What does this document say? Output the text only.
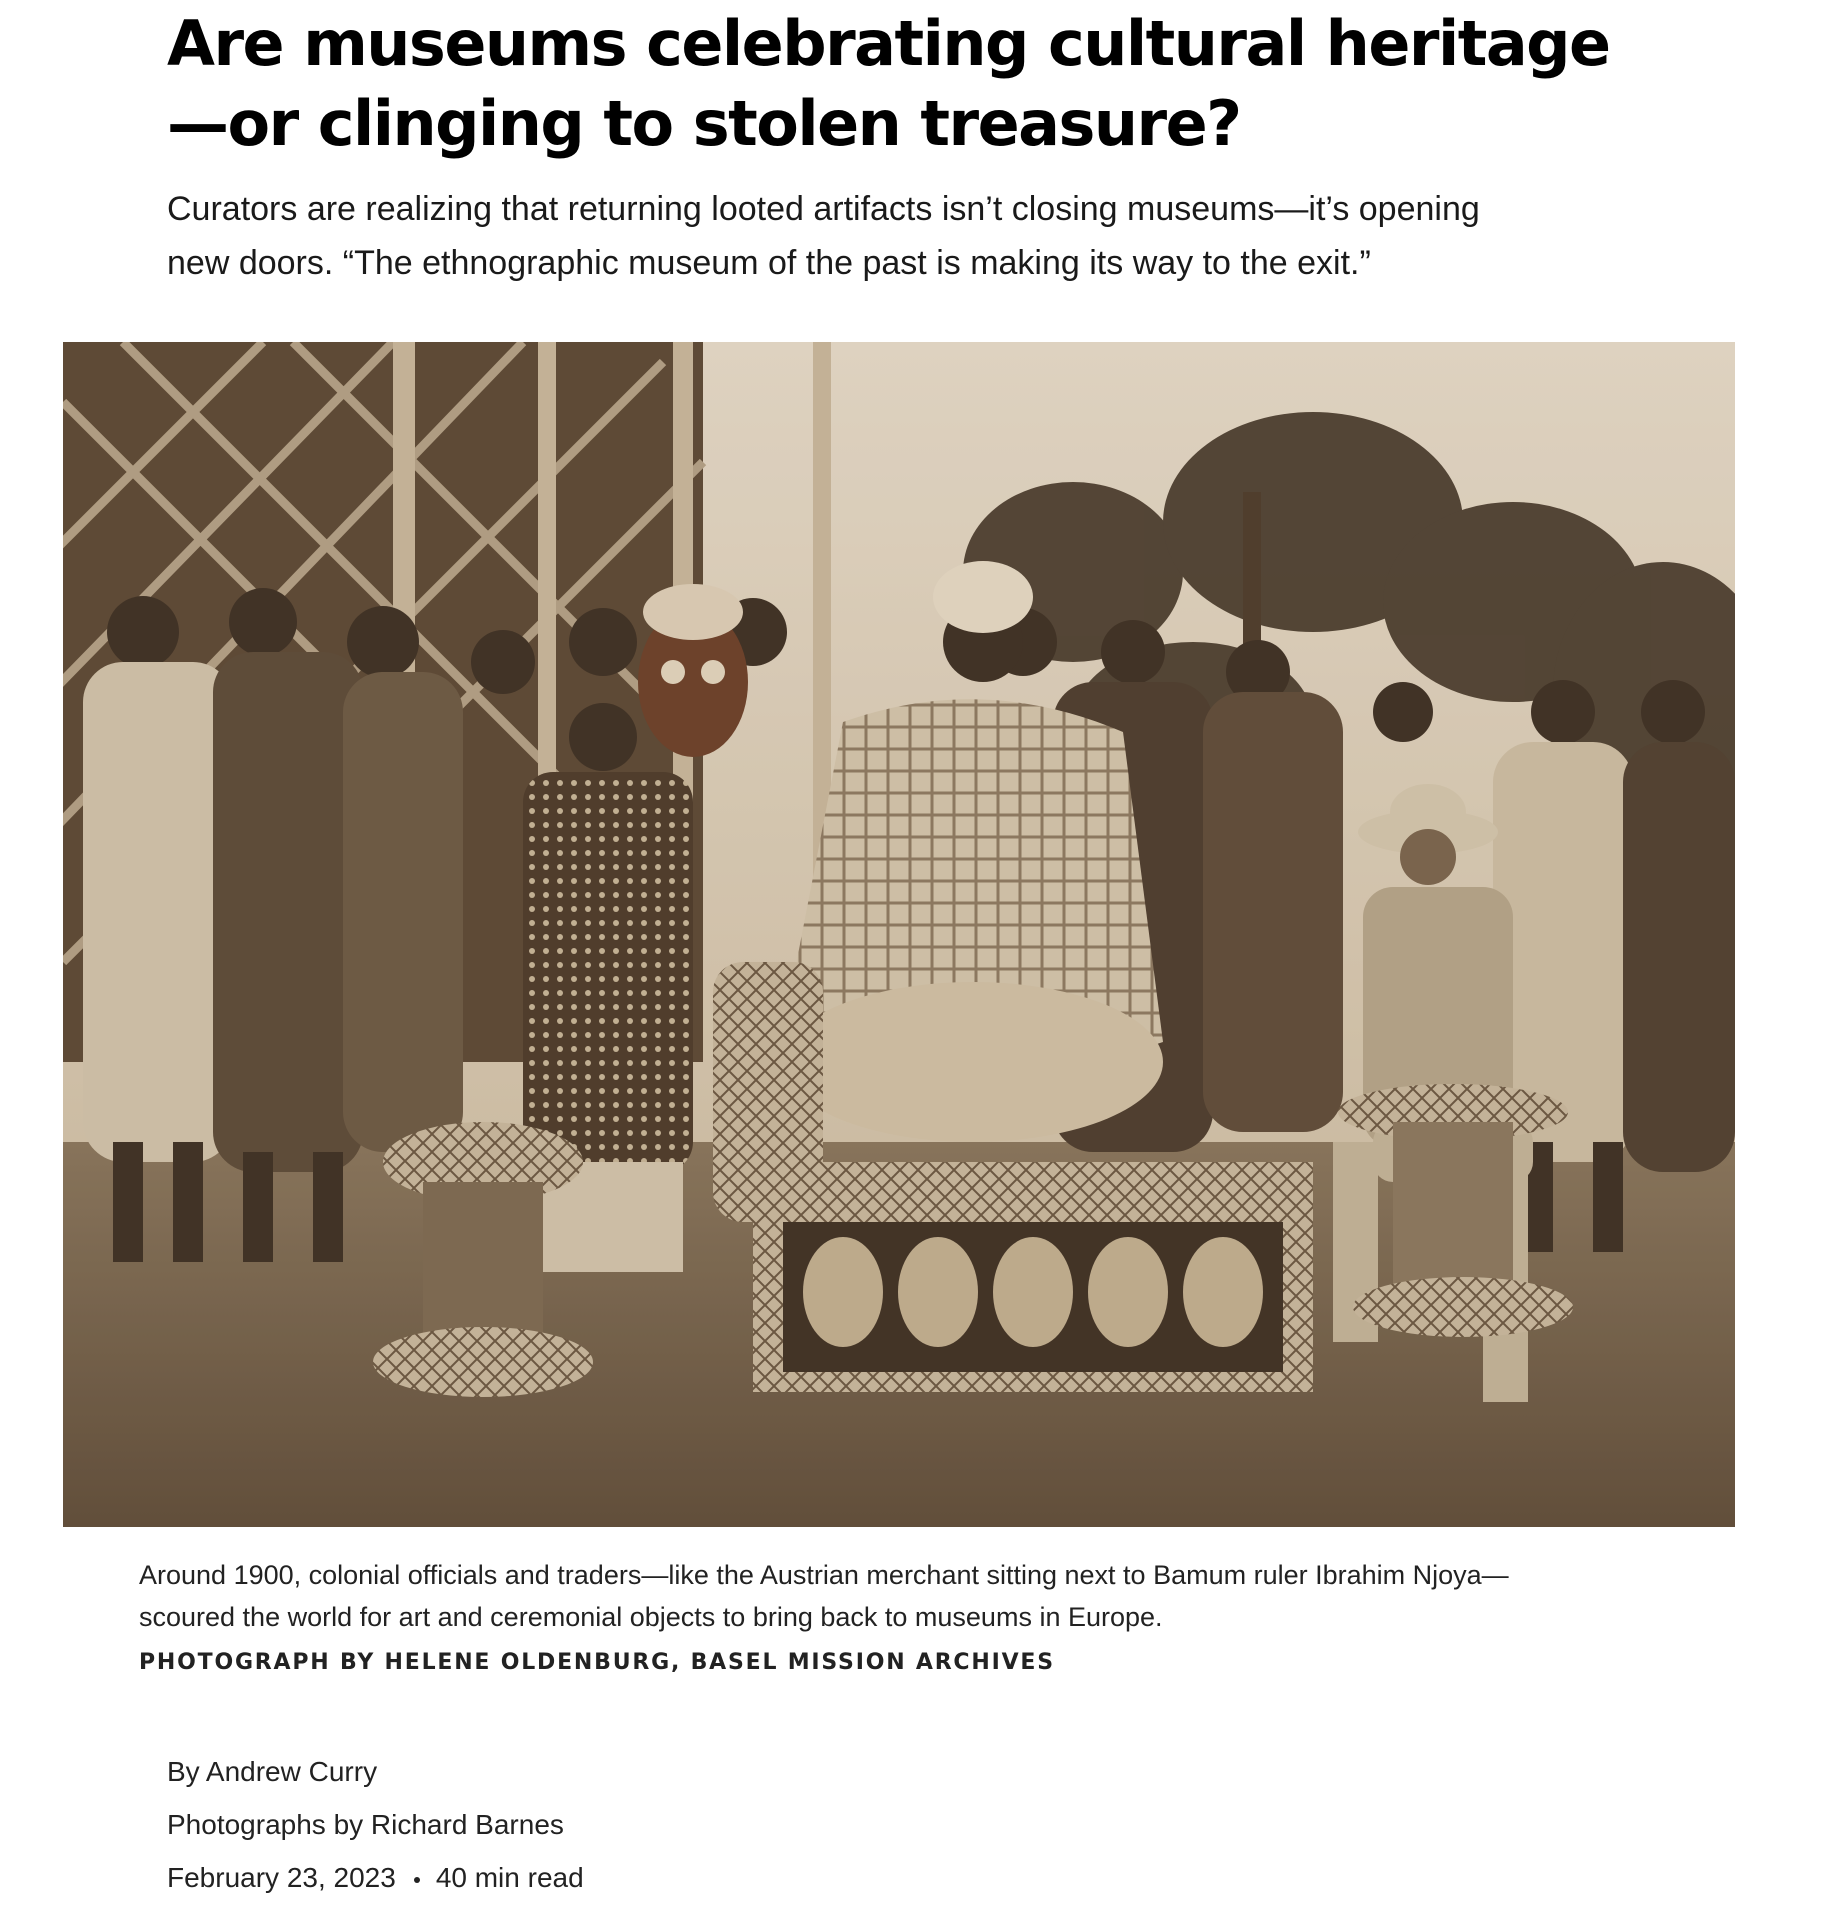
Are museums celebrating cultural heritage
—or clinging to stolen treasure?

Curators are realizing that returning looted artifacts isn’t closing museums—it’s opening
new doors. “The ethnographic museum of the past is making its way to the exit.”

Around 1900, colonial officials and traders—like the Austrian merchant sitting next to Bamum ruler Ibrahim Njoya—
scoured the world for art and ceremonial objects to bring back to museums in Europe.

PHOTOGRAPH BY HELENE OLDENBURG, BASEL MISSION ARCHIVES
By Andrew Curry
Photographs by Richard Barnes
February 23, 2023 40 min read
